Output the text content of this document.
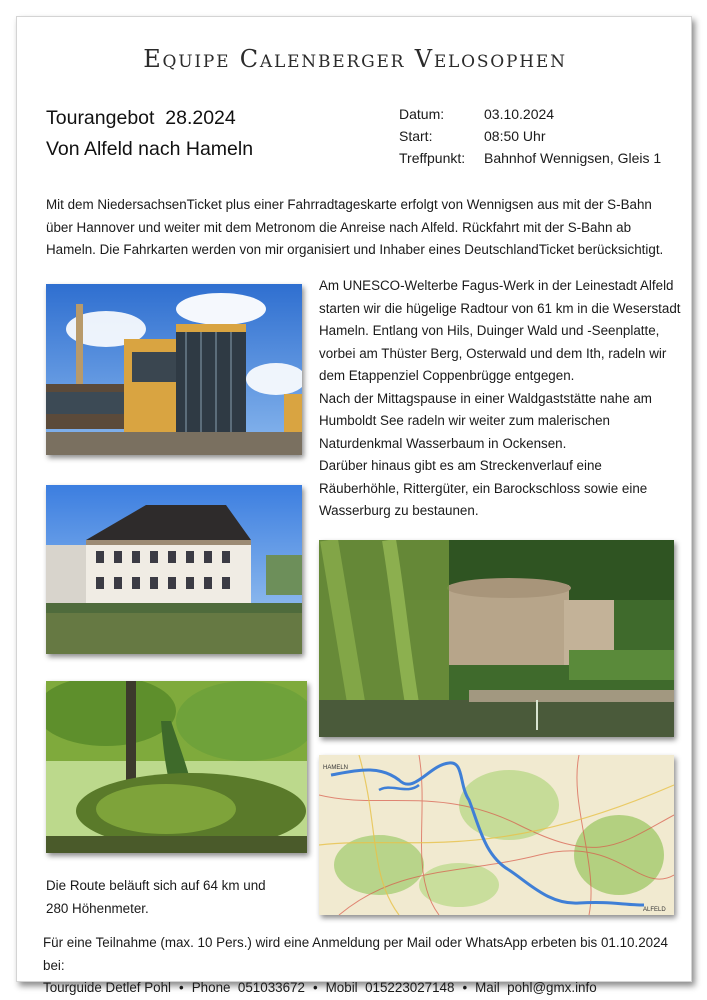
Equipe Calenberger Velosophen
Tourangebot  28.2024
Von Alfeld nach Hameln
Datum:	03.10.2024
Start:	08:50 Uhr
Treffpunkt:	Bahnhof Wennigsen, Gleis 1
Mit dem NiedersachsenTicket plus einer Fahrradtageskarte erfolgt von Wennigsen aus mit der S-Bahn über Hannover und weiter mit dem Metronom die Anreise nach Alfeld. Rückfahrt mit der S-Bahn ab Hameln. Die Fahrkarten werden von mir organisiert und Inhaber eines DeutschlandTicket berücksichtigt.

Am UNESCO-Welterbe Fagus-Werk in der Leinestadt Alfeld starten wir die hügelige Radtour von 61 km in die Weserstadt Hameln. Entlang von Hils, Duinger Wald und -Seenplatte, vorbei am Thüster Berg, Osterwald und dem Ith, radeln wir dem Etappenziel Coppenbrügge entgegen.

Nach der Mittagspause in einer Waldgaststätte nahe am Humboldt See radeln wir weiter zum malerischen Naturdenkmal Wasserbaum in Ockensen.

Darüber hinaus gibt es am Streckenverlauf eine Räuberhöhle, Rittergüter, ein Barockschloss sowie eine Wasserburg zu bestaunen.

HAMELN
ALFELD
Die Route beläuft sich auf 64 km und
280 Höhenmeter.
Für eine Teilnahme (max. 10 Pers.) wird eine Anmeldung per Mail oder WhatsApp erbeten bis 01.10.2024 bei:
Tourguide Detlef Pohl • Phone  051033672 • Mobil  015223027148 • Mail  pohl@gmx.info
